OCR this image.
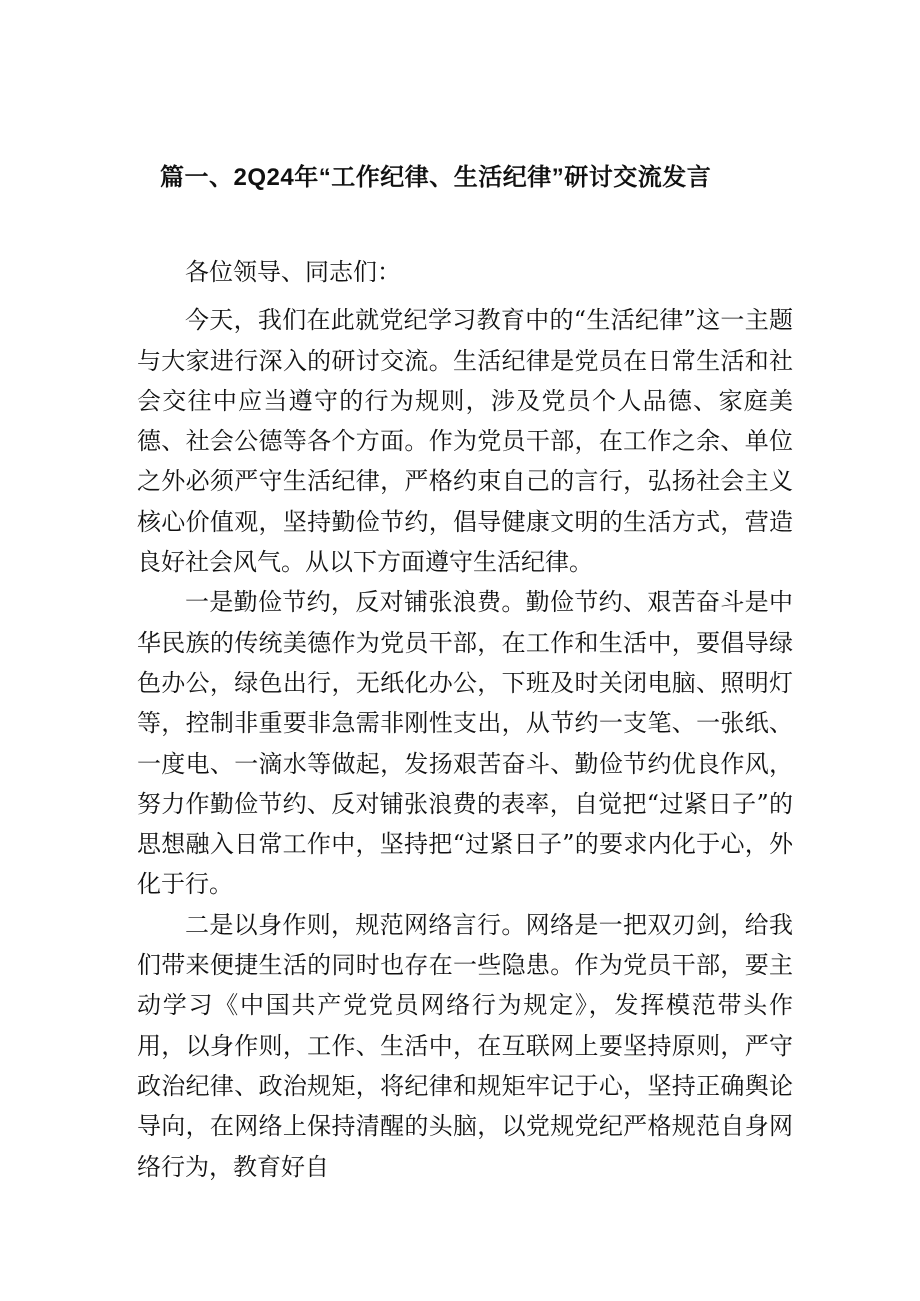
篇一、2Q24年“工作纪律、生活纪律”研讨交流发言

各位领导、同志们：

今天，我们在此就党纪学习教育中的“生活纪律”这一主题与大家进行深入的研讨交流。生活纪律是党员在日常生活和社会交往中应当遵守的行为规则，涉及党员个人品德、家庭美德、社会公德等各个方面。作为党员干部，在工作之余、单位之外必须严守生活纪律，严格约束自己的言行，弘扬社会主义核心价值观，坚持勤俭节约，倡导健康文明的生活方式，营造良好社会风气。从以下方面遵守生活纪律。

一是勤俭节约，反对铺张浪费。勤俭节约、艰苦奋斗是中华民族的传统美德作为党员干部，在工作和生活中，要倡导绿色办公，绿色出行，无纸化办公，下班及时关闭电脑、照明灯等，控制非重要非急需非刚性支出，从节约一支笔、一张纸、一度电、一滴水等做起，发扬艰苦奋斗、勤俭节约优良作风，努力作勤俭节约、反对铺张浪费的表率，自觉把“过紧日子”的思想融入日常工作中，坚持把“过紧日子”的要求内化于心，外化于行。

二是以身作则，规范网络言行。网络是一把双刃剑，给我们带来便捷生活的同时也存在一些隐患。作为党员干部，要主动学习《中国共产党党员网络行为规定》，发挥模范带头作用，以身作则，工作、生活中，在互联网上要坚持原则，严守政治纪律、政治规矩，将纪律和规矩牢记于心，坚持正确舆论导向，在网络上保持清醒的头脑，以党规党纪严格规范自身网络行为，教育好自
